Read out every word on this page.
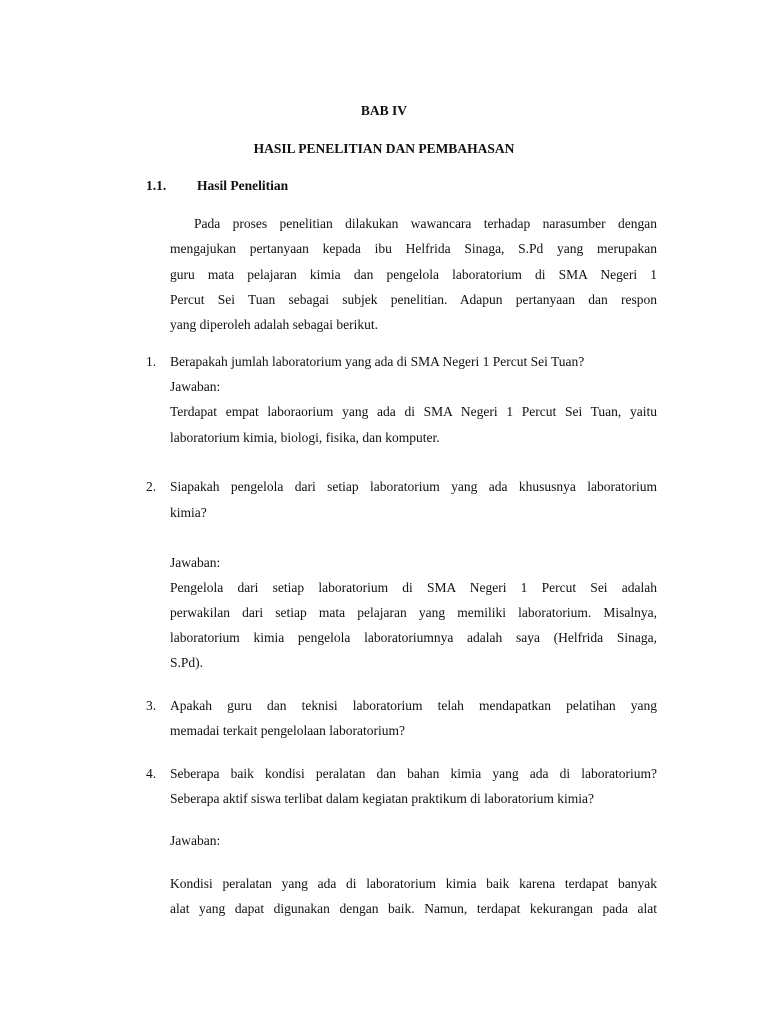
BAB IV
HASIL PENELITIAN DAN PEMBAHASAN
1.1. Hasil Penelitian
Pada proses penelitian dilakukan wawancara terhadap narasumber dengan
mengajukan pertanyaan kepada ibu Helfrida Sinaga, S.Pd yang merupakan
guru mata pelajaran kimia dan pengelola laboratorium di SMA Negeri 1
Percut Sei Tuan sebagai subjek penelitian. Adapun pertanyaan dan respon
yang diperoleh adalah sebagai berikut.
1. Berapakah jumlah laboratorium yang ada di SMA Negeri 1 Percut Sei Tuan?
Jawaban:
Terdapat empat laboraorium yang ada di SMA Negeri 1 Percut Sei Tuan, yaitu
laboratorium kimia, biologi, fisika, dan komputer.
2. Siapakah pengelola dari setiap laboratorium yang ada khususnya laboratorium
kimia?
Jawaban:
Pengelola dari setiap laboratorium di SMA Negeri 1 Percut Sei adalah
perwakilan dari setiap mata pelajaran yang memiliki laboratorium. Misalnya,
laboratorium kimia pengelola laboratoriumnya adalah saya (Helfrida Sinaga,
S.Pd).
3. Apakah guru dan teknisi laboratorium telah mendapatkan pelatihan yang
memadai terkait pengelolaan laboratorium?
4. Seberapa baik kondisi peralatan dan bahan kimia yang ada di laboratorium?
Seberapa aktif siswa terlibat dalam kegiatan praktikum di laboratorium kimia?
Jawaban:
Kondisi peralatan yang ada di laboratorium kimia baik karena terdapat banyak
alat yang dapat digunakan dengan baik. Namun, terdapat kekurangan pada alat
